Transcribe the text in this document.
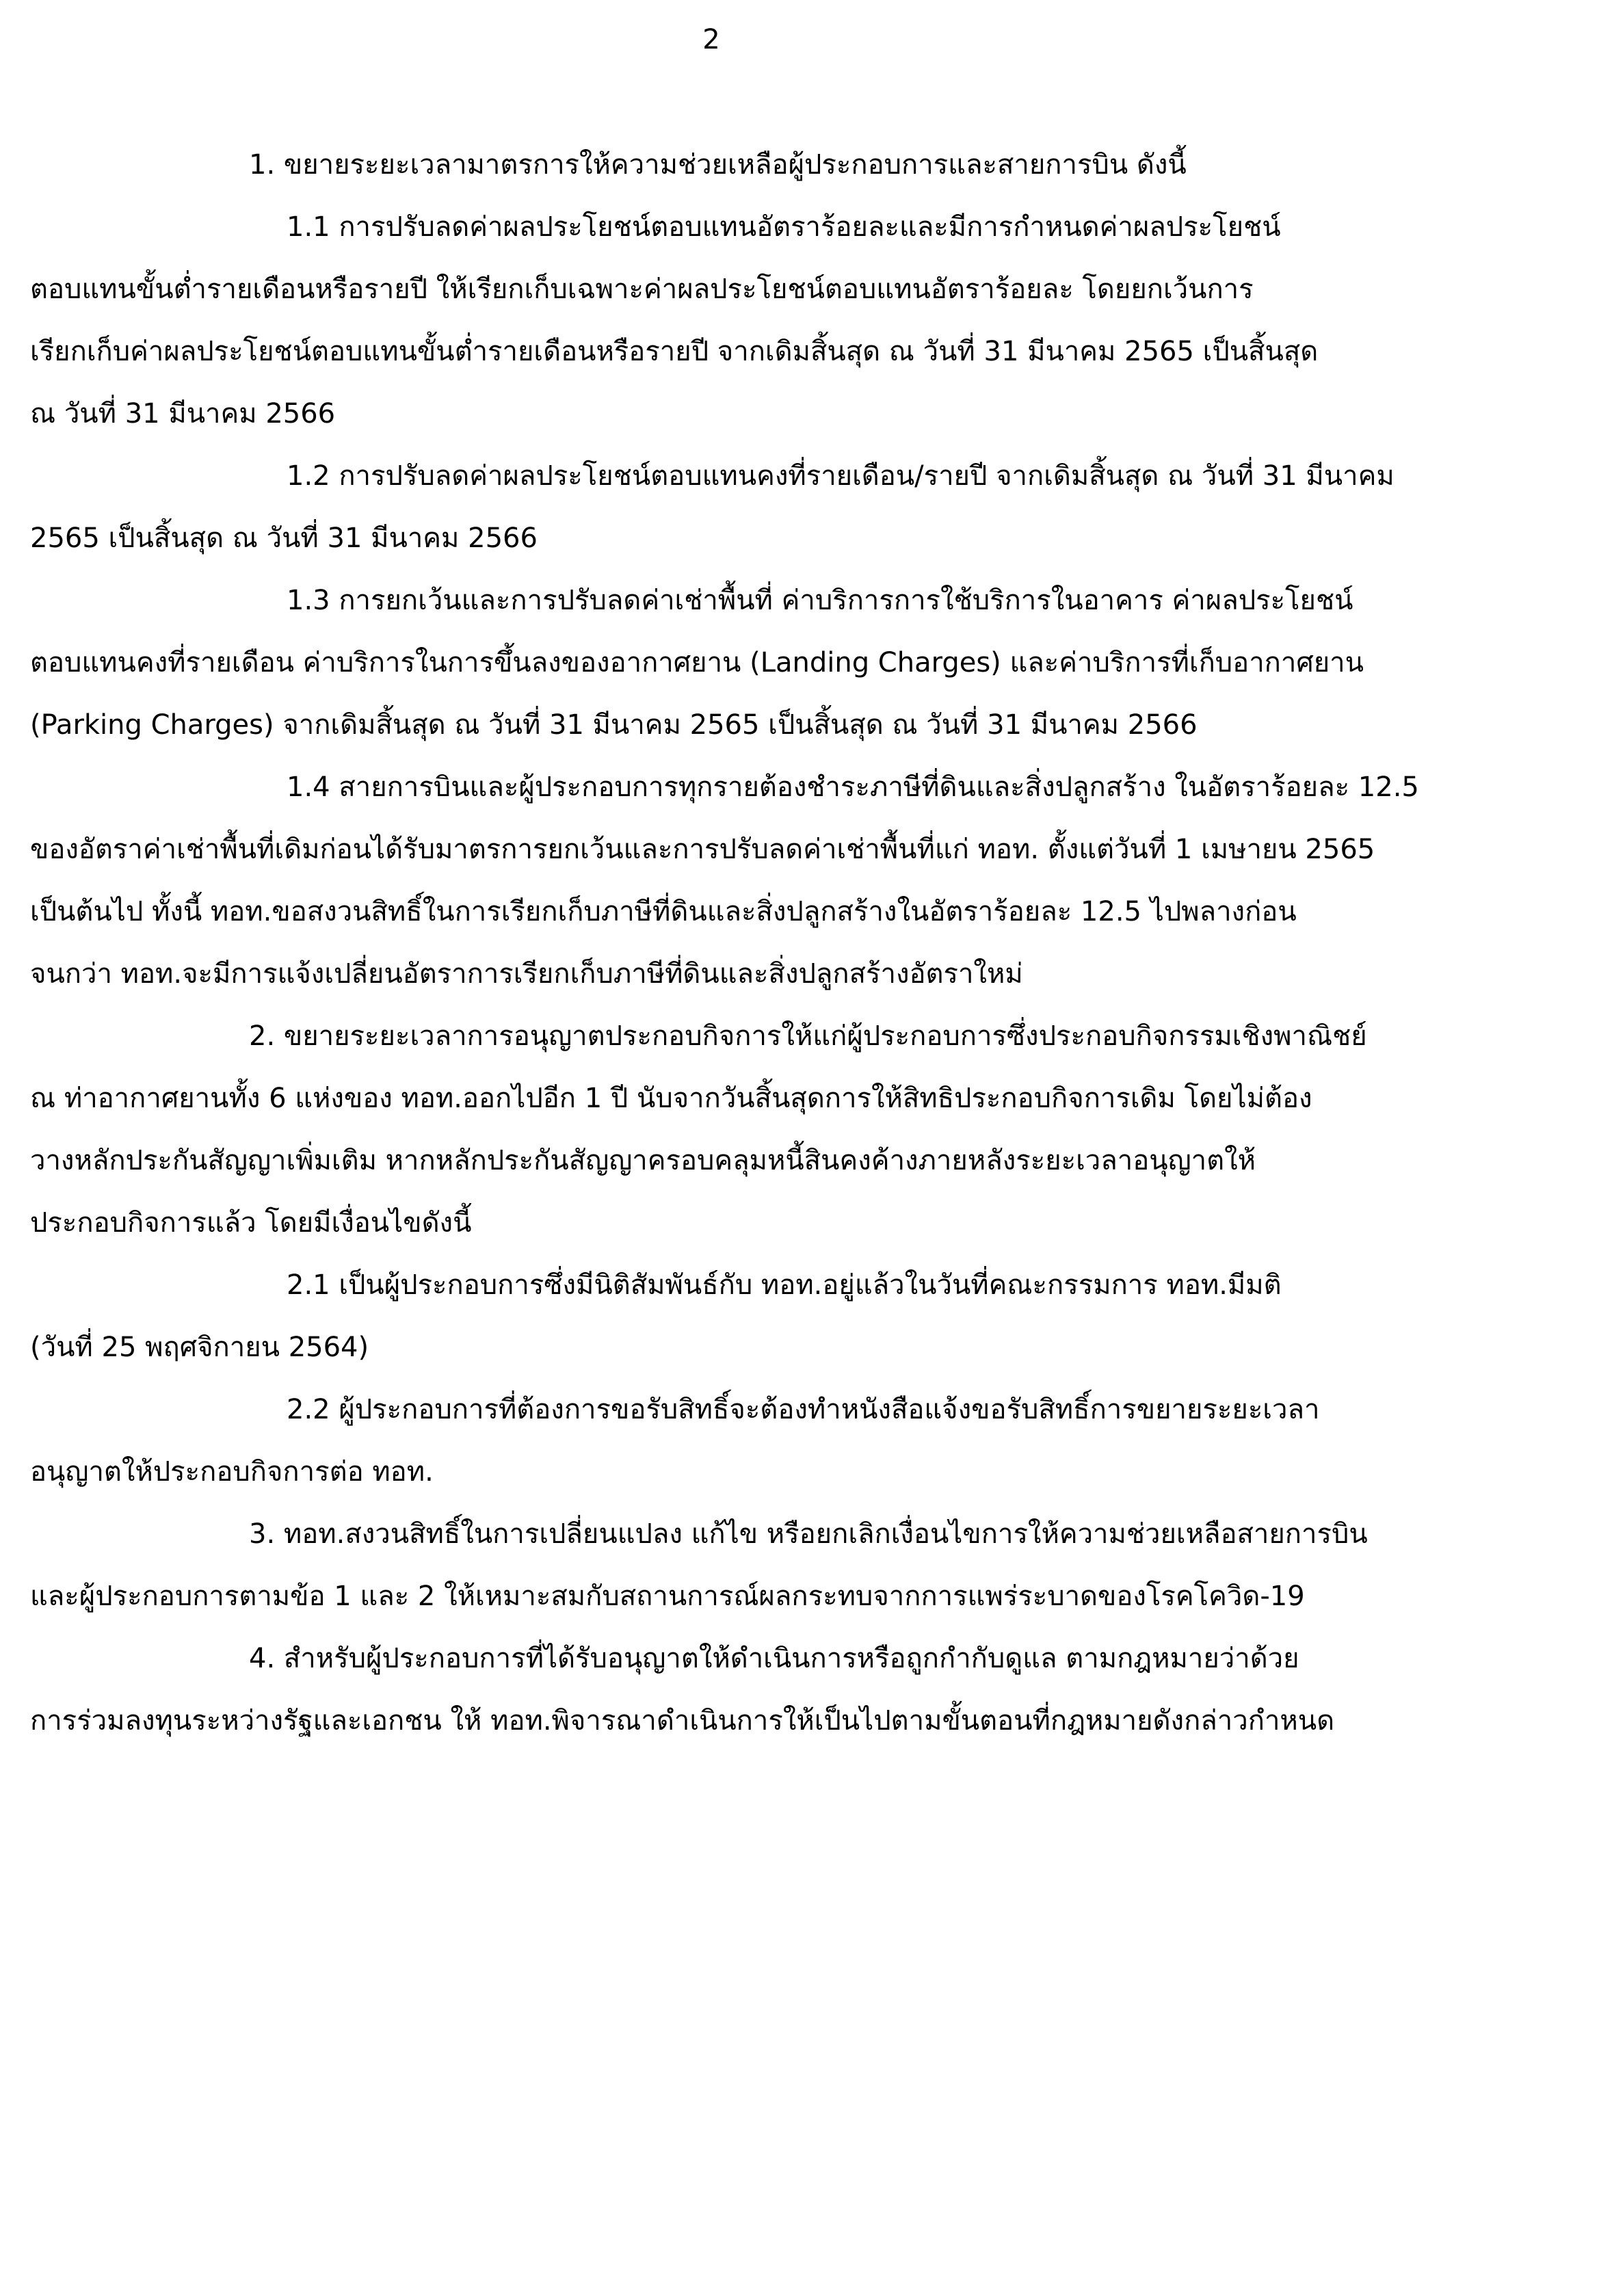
2
1. ขยายระยะเวลามาตรการให้ความช่วยเหลือผู้ประกอบการและสายการบิน ดังนี้
1.1 การปรับลดค่าผลประโยชน์ตอบแทนอัตราร้อยละและมีการกำหนดค่าผลประโยชน์
ตอบแทนขั้นต่ำรายเดือนหรือรายปี ให้เรียกเก็บเฉพาะค่าผลประโยชน์ตอบแทนอัตราร้อยละ โดยยกเว้นการ
เรียกเก็บค่าผลประโยชน์ตอบแทนขั้นต่ำรายเดือนหรือรายปี จากเดิมสิ้นสุด ณ วันที่ 31 มีนาคม 2565 เป็นสิ้นสุด
ณ วันที่ 31 มีนาคม 2566
1.2 การปรับลดค่าผลประโยชน์ตอบแทนคงที่รายเดือน/รายปี จากเดิมสิ้นสุด ณ วันที่ 31 มีนาคม
2565 เป็นสิ้นสุด ณ วันที่ 31 มีนาคม 2566
1.3 การยกเว้นและการปรับลดค่าเช่าพื้นที่ ค่าบริการการใช้บริการในอาคาร ค่าผลประโยชน์
ตอบแทนคงที่รายเดือน ค่าบริการในการขึ้นลงของอากาศยาน (Landing Charges) และค่าบริการที่เก็บอากาศยาน
(Parking Charges) จากเดิมสิ้นสุด ณ วันที่ 31 มีนาคม 2565 เป็นสิ้นสุด ณ วันที่ 31 มีนาคม 2566
1.4 สายการบินและผู้ประกอบการทุกรายต้องชำระภาษีที่ดินและสิ่งปลูกสร้าง ในอัตราร้อยละ 12.5
ของอัตราค่าเช่าพื้นที่เดิมก่อนได้รับมาตรการยกเว้นและการปรับลดค่าเช่าพื้นที่แก่ ทอท. ตั้งแต่วันที่ 1 เมษายน 2565
เป็นต้นไป ทั้งนี้ ทอท.ขอสงวนสิทธิ์ในการเรียกเก็บภาษีที่ดินและสิ่งปลูกสร้างในอัตราร้อยละ 12.5 ไปพลางก่อน
จนกว่า ทอท.จะมีการแจ้งเปลี่ยนอัตราการเรียกเก็บภาษีที่ดินและสิ่งปลูกสร้างอัตราใหม่
2. ขยายระยะเวลาการอนุญาตประกอบกิจการให้แก่ผู้ประกอบการซึ่งประกอบกิจกรรมเชิงพาณิชย์
ณ ท่าอากาศยานทั้ง 6 แห่งของ ทอท.ออกไปอีก 1 ปี นับจากวันสิ้นสุดการให้สิทธิประกอบกิจการเดิม โดยไม่ต้อง
วางหลักประกันสัญญาเพิ่มเติม หากหลักประกันสัญญาครอบคลุมหนี้สินคงค้างภายหลังระยะเวลาอนุญาตให้
ประกอบกิจการแล้ว โดยมีเงื่อนไขดังนี้
2.1 เป็นผู้ประกอบการซึ่งมีนิติสัมพันธ์กับ ทอท.อยู่แล้วในวันที่คณะกรรมการ ทอท.มีมติ
(วันที่ 25 พฤศจิกายน 2564)
2.2 ผู้ประกอบการที่ต้องการขอรับสิทธิ์จะต้องทำหนังสือแจ้งขอรับสิทธิ์การขยายระยะเวลา
อนุญาตให้ประกอบกิจการต่อ ทอท.
3. ทอท.สงวนสิทธิ์ในการเปลี่ยนแปลง แก้ไข หรือยกเลิกเงื่อนไขการให้ความช่วยเหลือสายการบิน
และผู้ประกอบการตามข้อ 1 และ 2 ให้เหมาะสมกับสถานการณ์ผลกระทบจากการแพร่ระบาดของโรคโควิด-19
4. สำหรับผู้ประกอบการที่ได้รับอนุญาตให้ดำเนินการหรือถูกกำกับดูแล ตามกฎหมายว่าด้วย
การร่วมลงทุนระหว่างรัฐและเอกชน ให้ ทอท.พิจารณาดำเนินการให้เป็นไปตามขั้นตอนที่กฎหมายดังกล่าวกำหนด
